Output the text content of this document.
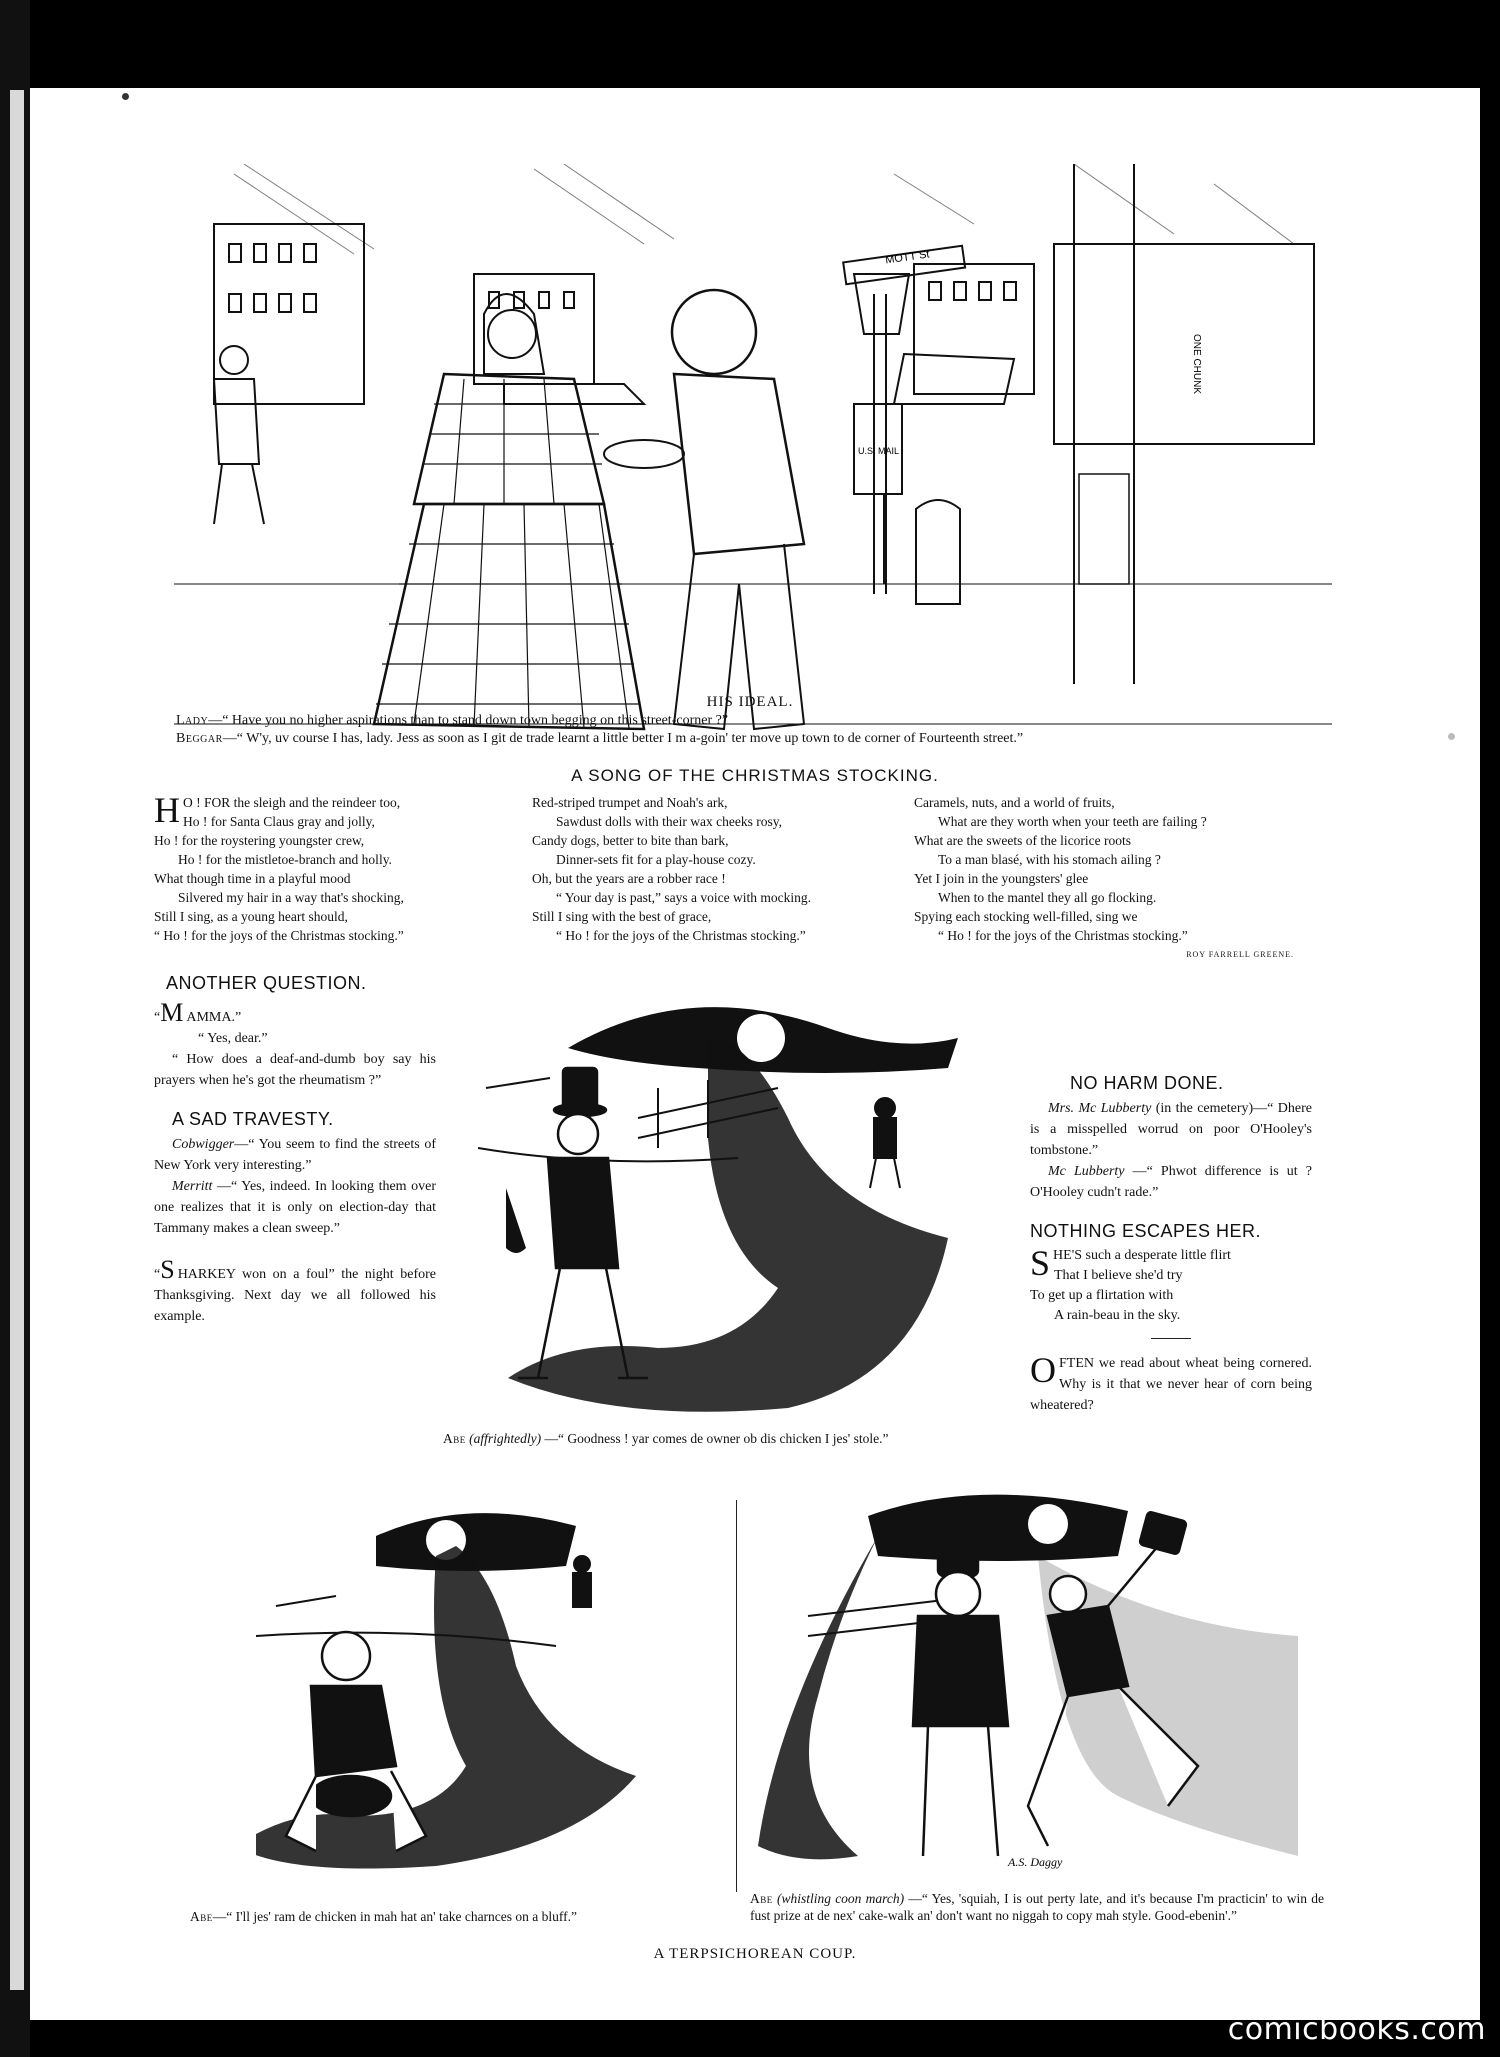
MOTT St
U.S. MAIL
ONE CHUNK
HIS IDEAL.
Lady—“ Have you no higher aspirations than to stand down town begging on this street-corner ?”
Beggar—“ W'y, uv course I has, lady. Jess as soon as I git de trade learnt a little better I m a-goin' ter move up town to de corner of Fourteenth street.”
A SONG OF THE CHRISTMAS STOCKING.
H O ! FOR the sleigh and the reindeer too,
Ho ! for Santa Claus gray and jolly,
Ho ! for the roystering youngster crew,
Ho ! for the mistletoe-branch and holly.
What though time in a playful mood
Silvered my hair in a way that's shocking,
Still I sing, as a young heart should,
“ Ho ! for the joys of the Christmas stocking.”
Red-striped trumpet and Noah's ark,
Sawdust dolls with their wax cheeks rosy,
Candy dogs, better to bite than bark,
Dinner-sets fit for a play-house cozy.
Oh, but the years are a robber race !
“ Your day is past,” says a voice with mocking.
Still I sing with the best of grace,
“ Ho ! for the joys of the Christmas stocking.”
Caramels, nuts, and a world of fruits,
What are they worth when your teeth are failing ?
What are the sweets of the licorice roots
To a man blasé, with his stomach ailing ?
Yet I join in the youngsters' glee
When to the mantel they all go flocking.
Spying each stocking well-filled, sing we
“ Ho ! for the joys of the Christmas stocking.”
ROY FARRELL GREENE.
ANOTHER QUESTION.

“M AMMA.”

“ Yes, dear.”

“ How does a deaf-and-dumb boy say his prayers when he's got the rheumatism ?”

A SAD TRAVESTY.

Cobwigger—“ You seem to find the streets of New York very interesting.”

Merritt —“ Yes, indeed. In looking them over one realizes that it is only on election-day that Tammany makes a clean sweep.”

“S HARKEY won on a foul” the night before Thanksgiving. Next day we all followed his example.

Abe (affrightedly) —“ Goodness ! yar comes de owner ob dis chicken I jes' stole.”
NO HARM DONE.

Mrs. Mc Lubberty (in the cemetery)—“ Dhere is a misspelled worrud on poor O'Hooley's tombstone.”

Mc Lubberty —“ Phwot difference is ut ? O'Hooley cudn't rade.”

NOTHING ESCAPES HER.
SHE'S such a desperate little flirt
That I believe she'd try
To get up a flirtation with
A rain-beau in the sky.

OFTEN we read about wheat being cornered. Why is it that we never hear of corn being wheatered?

A.S. Daggy
Abe—“ I'll jes' ram de chicken in mah hat an' take charnces on a bluff.”
Abe (whistling coon march) —“ Yes, 'squiah, I is out perty late, and it's because I'm practicin' to win de fust prize at de nex' cake-walk an' don't want no niggah to copy mah style. Good-ebenin'.”
A TERPSICHOREAN COUP.
comicbooks.com
